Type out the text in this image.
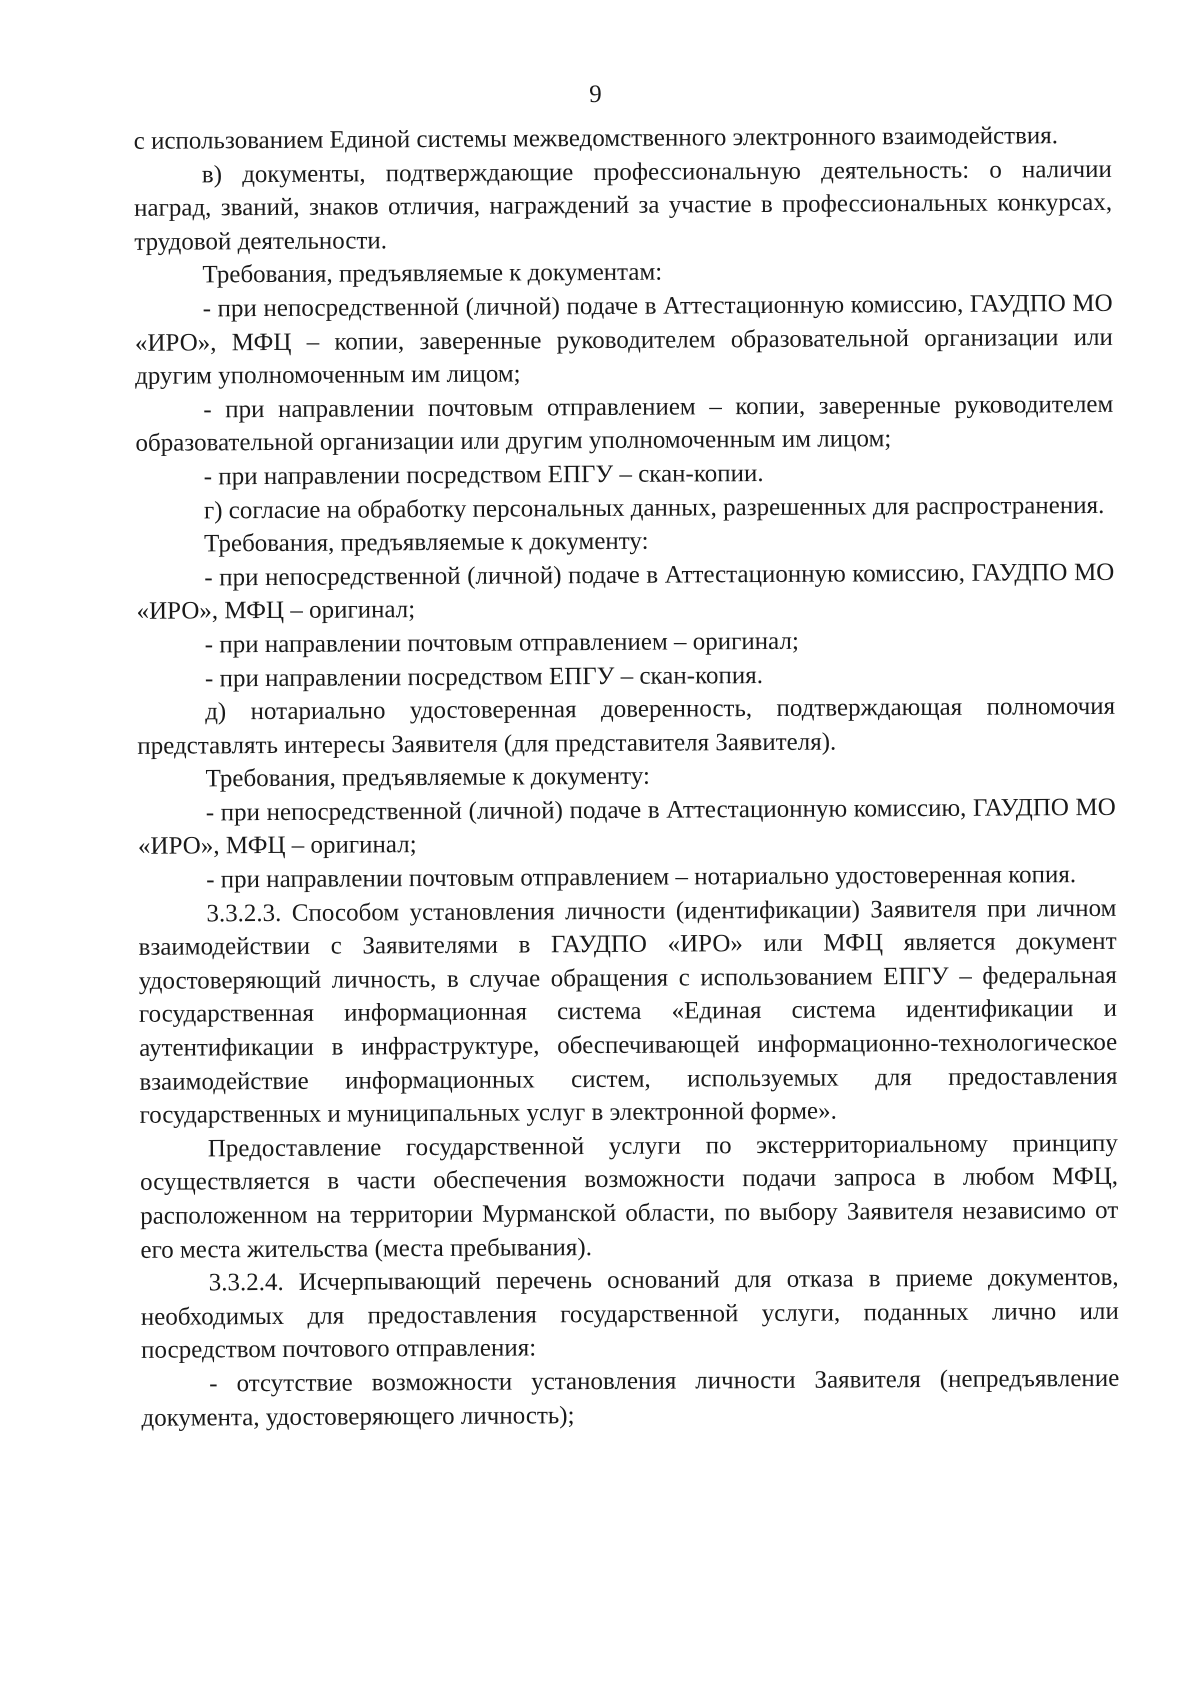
9

с использованием Единой системы межведомственного электронного взаимодействия.

в) документы, подтверждающие профессиональную деятельность: о наличии наград, званий, знаков отличия, награждений за участие в профессиональных конкурсах, трудовой деятельности.

Требования, предъявляемые к документам:

- при непосредственной (личной) подаче в Аттестационную комиссию, ГАУДПО МО «ИРО», МФЦ – копии, заверенные руководителем образовательной организации или другим уполномоченным им лицом;

- при направлении почтовым отправлением – копии, заверенные руководителем образовательной организации или другим уполномоченным им лицом;

- при направлении посредством ЕПГУ – скан-копии.

г) согласие на обработку персональных данных, разрешенных для распространения.

Требования, предъявляемые к документу:

- при непосредственной (личной) подаче в Аттестационную комиссию, ГАУДПО МО «ИРО», МФЦ – оригинал;

- при направлении почтовым отправлением – оригинал;

- при направлении посредством ЕПГУ – скан-копия.

д) нотариально удостоверенная доверенность, подтверждающая полномочия представлять интересы Заявителя (для представителя Заявителя).

Требования, предъявляемые к документу:

- при непосредственной (личной) подаче в Аттестационную комиссию, ГАУДПО МО «ИРО», МФЦ – оригинал;

- при направлении почтовым отправлением – нотариально удостоверенная копия.

3.3.2.3. Способом установления личности (идентификации) Заявителя при личном взаимодействии с Заявителями в ГАУДПО «ИРО» или МФЦ является документ удостоверяющий личность, в случае обращения с использованием ЕПГУ – федеральная государственная информационная система «Единая система идентификации и аутентификации в инфраструктуре, обеспечивающей информационно-технологическое взаимодействие информационных систем, используемых для предоставления государственных и муниципальных услуг в электронной форме».

Предоставление государственной услуги по экстерриториальному принципу осуществляется в части обеспечения возможности подачи запроса в любом МФЦ, расположенном на территории Мурманской области, по выбору Заявителя независимо от его места жительства (места пребывания).

3.3.2.4. Исчерпывающий перечень оснований для отказа в приеме документов, необходимых для предоставления государственной услуги, поданных лично или посредством почтового отправления:

- отсутствие возможности установления личности Заявителя (непредъявление документа, удостоверяющего личность);
